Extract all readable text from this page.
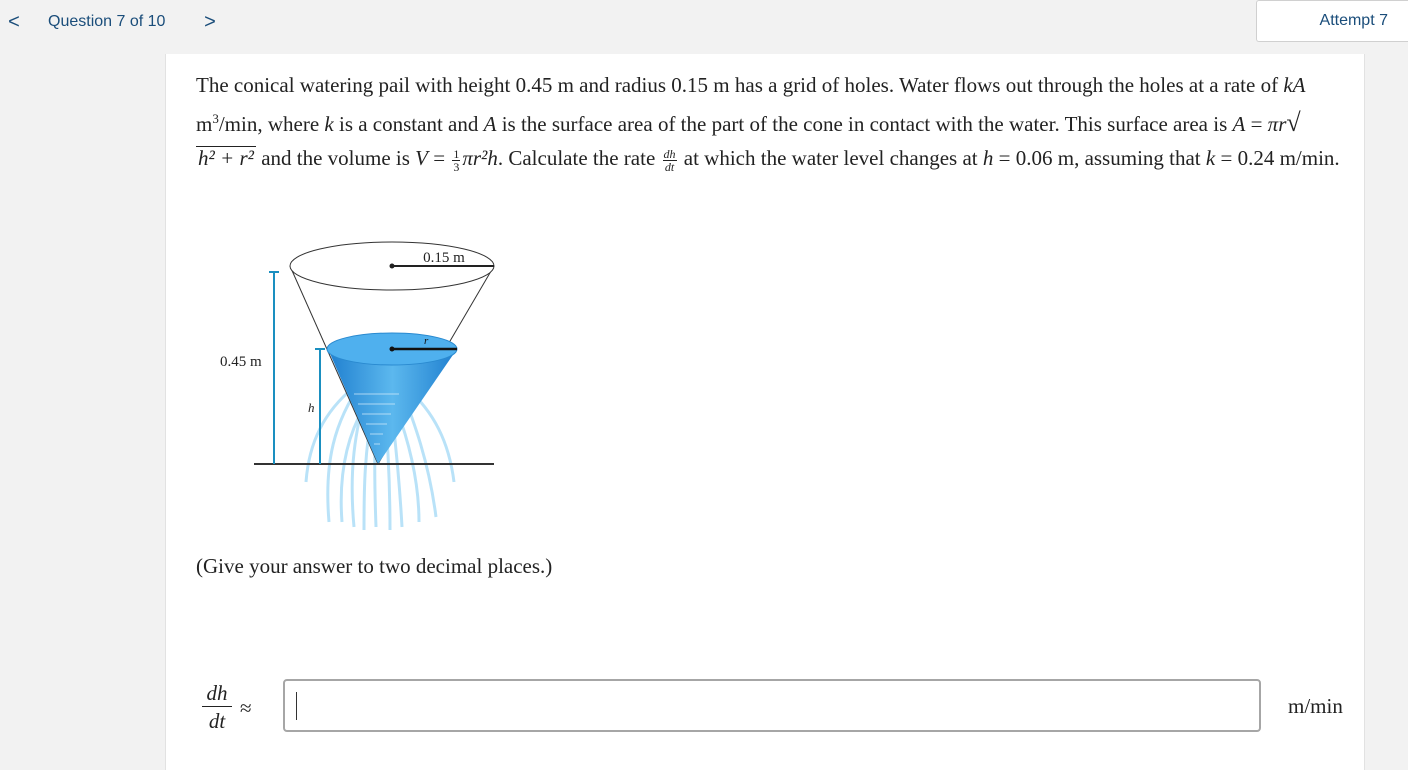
< Question 7 of 10 >	Attempt 7

The conical watering pail with height 0.45 m and radius 0.15 m has a grid of holes. Water flows out through the holes at a rate of kA $m^3/\min$, where k is a constant and A is the surface area of the part of the cone in contact with the water. This surface area is A = πr√h² + r² and the volume is $V = \frac{1}{3} \pi r^2h$. Calculate the rate $\frac{dh}{dt}$ at which the water level changes at h = 0.06 m, assuming that k = 0.24 m/min.

0.15 m
r
0.45 m
h

(Give your answer to two decimal places.)

$\frac{dh}{dt}$ ≈	m/min
